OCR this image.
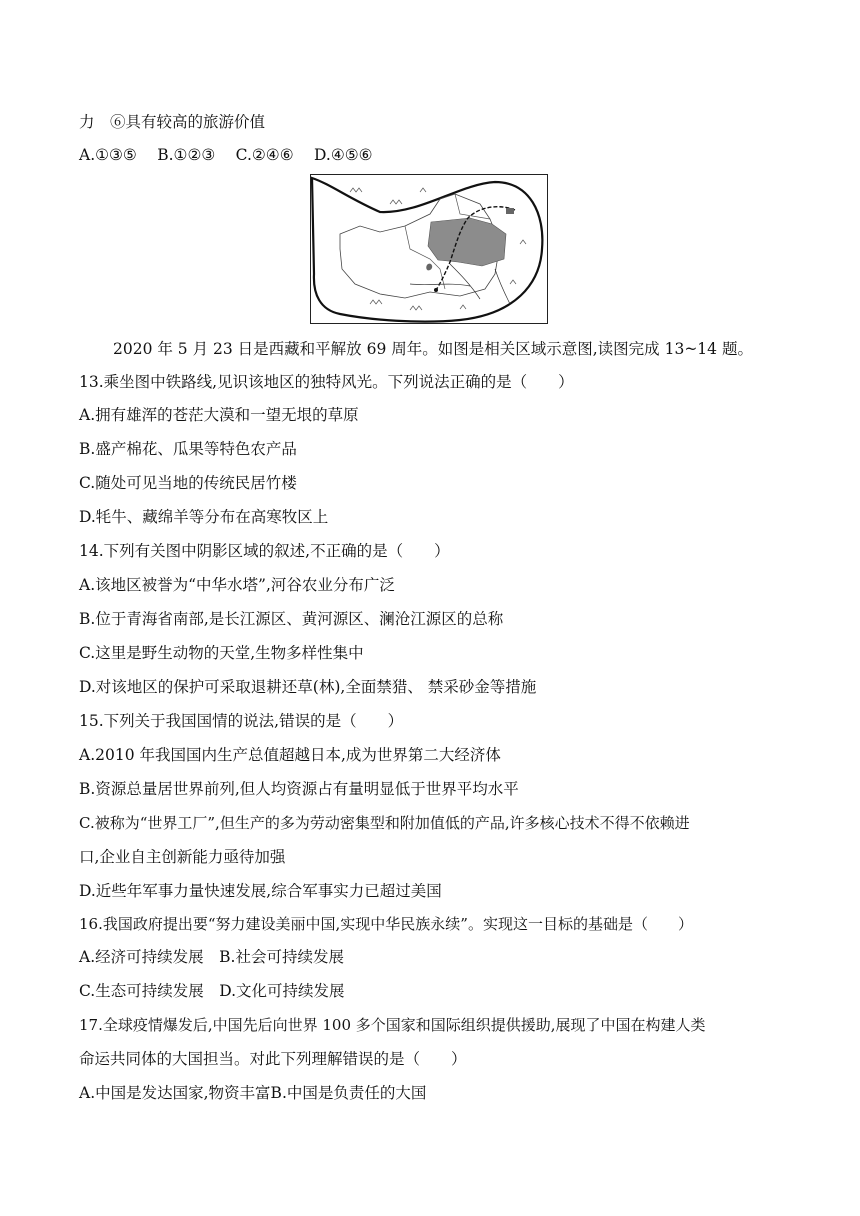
力　⑥具有较高的旅游价值
A.①③⑤　 B.①②③　 C.②④⑥　 D.④⑤⑥
2020 年 5 月 23 日是西藏和平解放 69 周年。如图是相关区域示意图,读图完成 13~14 题。
13.乘坐图中铁路线,见识该地区的独特风光。下列说法正确的是（　　）
A.拥有雄浑的苍茫大漠和一望无垠的草原
B.盛产棉花、瓜果等特色农产品
C.随处可见当地的传统民居竹楼
D.牦牛、藏绵羊等分布在高寒牧区上
14.下列有关图中阴影区域的叙述,不正确的是（　　）
A.该地区被誉为“中华水塔”,河谷农业分布广泛
B.位于青海省南部,是长江源区、黄河源区、澜沧江源区的总称
C.这里是野生动物的天堂,生物多样性集中
D.对该地区的保护可采取退耕还草(林),全面禁猎、 禁采砂金等措施
15.下列关于我国国情的说法,错误的是（　　）
A.2010 年我国国内生产总值超越日本,成为世界第二大经济体
B.资源总量居世界前列,但人均资源占有量明显低于世界平均水平
C.被称为“世界工厂”,但生产的多为劳动密集型和附加值低的产品,许多核心技术不得不依赖进
口,企业自主创新能力亟待加强
D.近些年军事力量快速发展,综合军事实力已超过美国
16.我国政府提出要“努力建设美丽中国,实现中华民族永续”。实现这一目标的基础是（　　）
A.经济可持续发展　B.社会可持续发展
C.生态可持续发展　D.文化可持续发展
17.全球疫情爆发后,中国先后向世界 100 多个国家和国际组织提供援助,展现了中国在构建人类
命运共同体的大国担当。对此下列理解错误的是（　　）
A.中国是发达国家,物资丰富B.中国是负责任的大国
